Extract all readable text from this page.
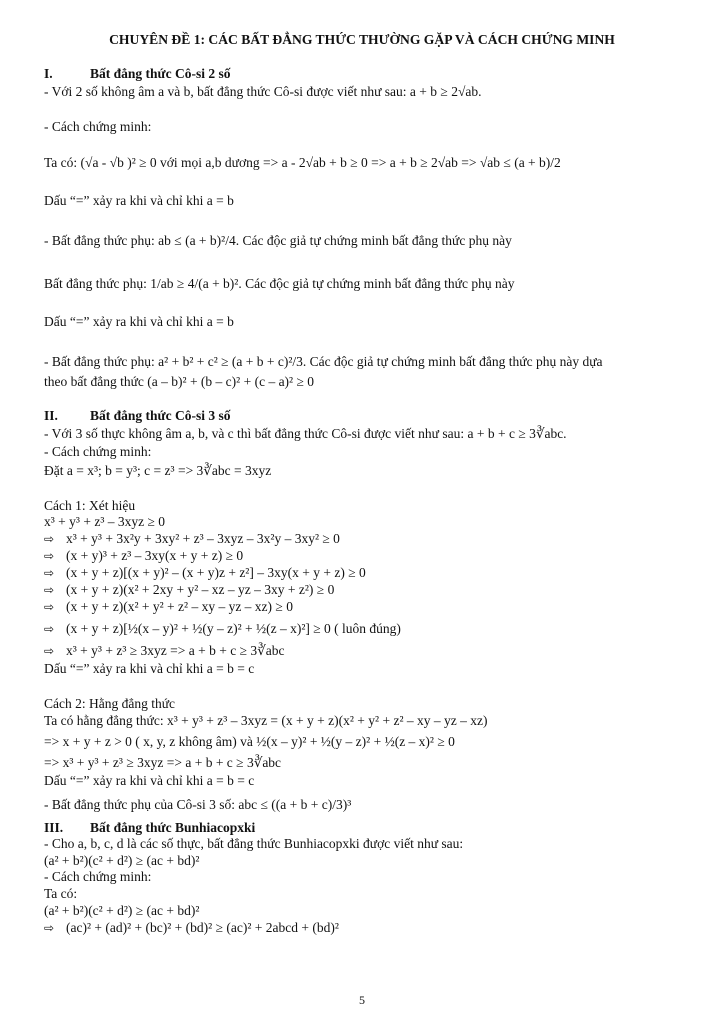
CHUYÊN ĐỀ 1: CÁC BẤT ĐẲNG THỨC THƯỜNG GẶP VÀ CÁCH CHỨNG MINH
I.	Bất đẳng thức Cô-si 2 số
- Với 2 số không âm a và b, bất đẳng thức Cô-si được viết như sau: a + b ≥ 2√ab.
- Cách chứng minh:
Ta có: (√a - √b )² ≥ 0 với mọi a,b dương => a - 2√ab + b ≥ 0 => a + b ≥ 2√ab => √ab ≤ (a + b)/2
Dấu “=” xảy ra khi và chỉ khi a = b
- Bất đẳng thức phụ: ab ≤ (a + b)²/4. Các độc giả tự chứng minh bất đẳng thức phụ này
Bất đẳng thức phụ: 1/ab ≥ 4/(a + b)². Các độc giả tự chứng minh bất đẳng thức phụ này
Dấu “=” xảy ra khi và chỉ khi a = b
- Bất đẳng thức phụ: a² + b² + c² ≥ (a + b + c)²/3. Các độc giả tự chứng minh bất đẳng thức phụ này dựa
theo bất đẳng thức (a – b)² + (b – c)² + (c – a)² ≥ 0
II. Bất đẳng thức Cô-si 3 số
- Với 3 số thực không âm a, b, và c thì bất đẳng thức Cô-si được viết như sau: a + b + c ≥ 3∛abc.
- Cách chứng minh:
Đặt a = x³; b = y³; c = z³ => 3∛abc = 3xyz
Cách 1: Xét hiệu
x³ + y³ + z³ – 3xyz ≥ 0
⇨ x³ + y³ + 3x²y + 3xy² + z³ – 3xyz – 3x²y – 3xy² ≥ 0
⇨ (x + y)³ + z³ – 3xy(x + y + z) ≥ 0
⇨ (x + y + z)[(x + y)² – (x + y)z + z²] – 3xy(x + y + z) ≥ 0
⇨ (x + y + z)(x² + 2xy + y² – xz – yz – 3xy + z²) ≥ 0
⇨ (x + y + z)(x² + y² + z² – xy – yz – xz) ≥ 0
⇨ (x + y + z)[½(x – y)² + ½(y – z)² + ½(z – x)²] ≥ 0 ( luôn đúng)
⇨ x³ + y³ + z³ ≥ 3xyz => a + b + c ≥ 3∛abc
Dấu “=” xảy ra khi và chỉ khi a = b = c
Cách 2: Hằng đẳng thức
Ta có hằng đẳng thức: x³ + y³ + z³ – 3xyz = (x + y + z)(x² + y² + z² – xy – yz – xz)
=> x + y + z > 0 ( x, y, z không âm) và ½(x – y)² + ½(y – z)² + ½(z – x)² ≥ 0
=> x³ + y³ + z³ ≥ 3xyz => a + b + c ≥ 3∛abc
Dấu “=” xảy ra khi và chỉ khi a = b = c
- Bất đẳng thức phụ của Cô-si 3 số: abc ≤ ((a + b + c)/3)³
III. Bất đẳng thức Bunhiacopxki
- Cho a, b, c, d là các số thực, bất đẳng thức Bunhiacopxki được viết như sau:
(a² + b²)(c² + d²) ≥ (ac + bd)²
- Cách chứng minh:
Ta có:
(a² + b²)(c² + d²) ≥ (ac + bd)²
⇨ (ac)² + (ad)² + (bc)² + (bd)² ≥ (ac)² + 2abcd + (bd)²
5
